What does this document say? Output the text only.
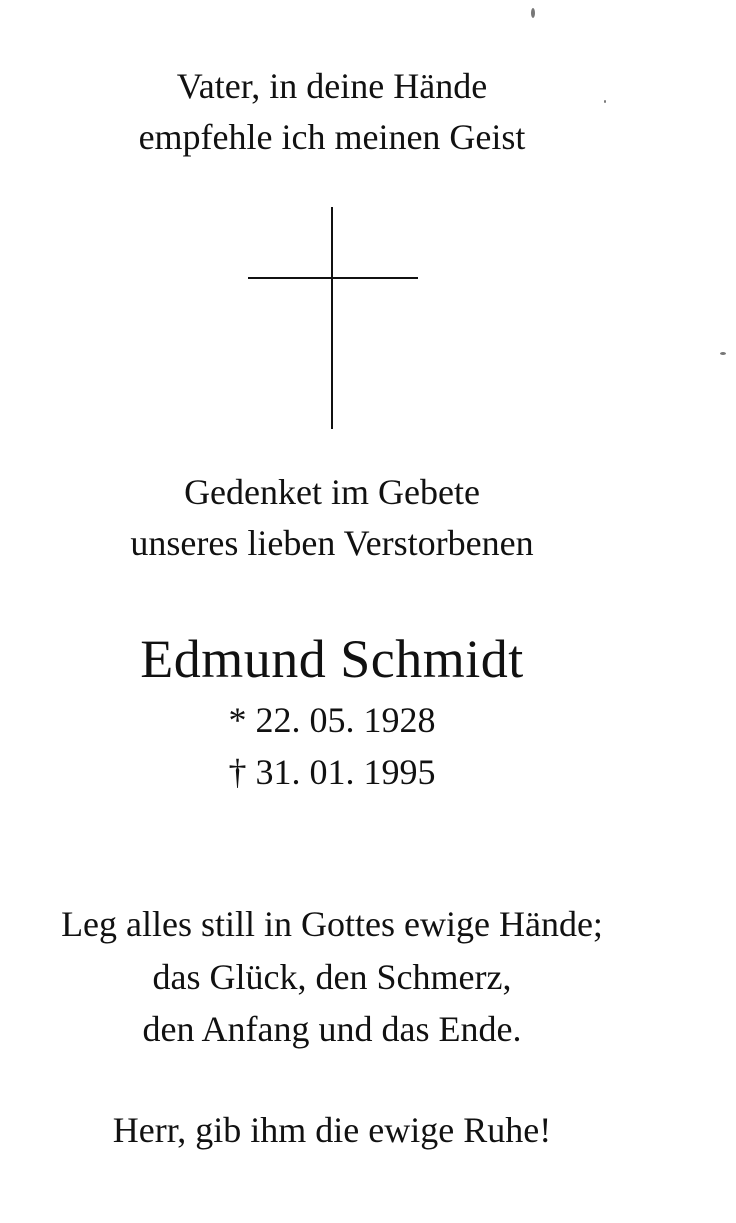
Vater, in deine Hände

empfehle ich meinen Geist

Gedenket im Gebete

unseres lieben Verstorbenen

Edmund Schmidt

* 22. 05. 1928

† 31. 01. 1995

Leg alles still in Gottes ewige Hände;

das Glück, den Schmerz,

den Anfang und das Ende.

Herr, gib ihm die ewige Ruhe!
